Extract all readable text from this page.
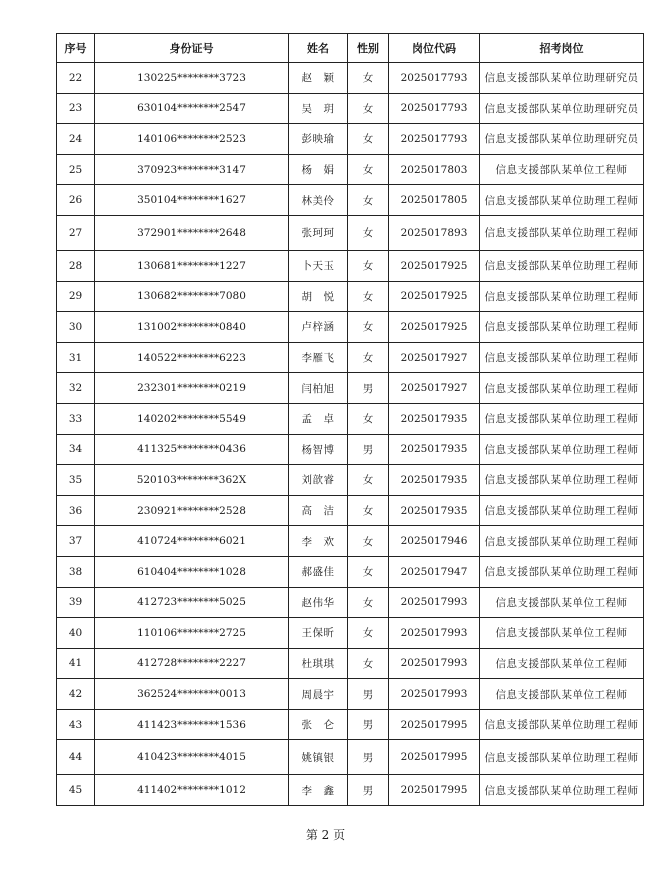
序号	身份证号	姓名	性别	岗位代码	招考岗位
22	130225********3723	赵　颖	女	2025017793	信息支援部队某单位助理研究员
23	630104********2547	吴　玥	女	2025017793	信息支援部队某单位助理研究员
24	140106********2523	彭映瑜	女	2025017793	信息支援部队某单位助理研究员
25	370923********3147	杨　娟	女	2025017803	信息支援部队某单位工程师
26	350104********1627	林美伶	女	2025017805	信息支援部队某单位助理工程师
27	372901********2648	张珂珂	女	2025017893	信息支援部队某单位助理工程师
28	130681********1227	卜天玉	女	2025017925	信息支援部队某单位助理工程师
29	130682********7080	胡　悦	女	2025017925	信息支援部队某单位助理工程师
30	131002********0840	卢梓涵	女	2025017925	信息支援部队某单位助理工程师
31	140522********6223	李雁飞	女	2025017927	信息支援部队某单位助理工程师
32	232301********0219	闫柏旭	男	2025017927	信息支援部队某单位助理工程师
33	140202********5549	孟　卓	女	2025017935	信息支援部队某单位助理工程师
34	411325********0436	杨智博	男	2025017935	信息支援部队某单位助理工程师
35	520103********362X	刘歆睿	女	2025017935	信息支援部队某单位助理工程师
36	230921********2528	高　洁	女	2025017935	信息支援部队某单位助理工程师
37	410724********6021	李　欢	女	2025017946	信息支援部队某单位助理工程师
38	610404********1028	郝盛佳	女	2025017947	信息支援部队某单位助理工程师
39	412723********5025	赵伟华	女	2025017993	信息支援部队某单位工程师
40	110106********2725	王保昕	女	2025017993	信息支援部队某单位工程师
41	412728********2227	杜琪琪	女	2025017993	信息支援部队某单位工程师
42	362524********0013	周晨宇	男	2025017993	信息支援部队某单位工程师
43	411423********1536	张　仑	男	2025017995	信息支援部队某单位助理工程师
44	410423********4015	姚镇银	男	2025017995	信息支援部队某单位助理工程师
45	411402********1012	李　鑫	男	2025017995	信息支援部队某单位助理工程师
第 2 页
